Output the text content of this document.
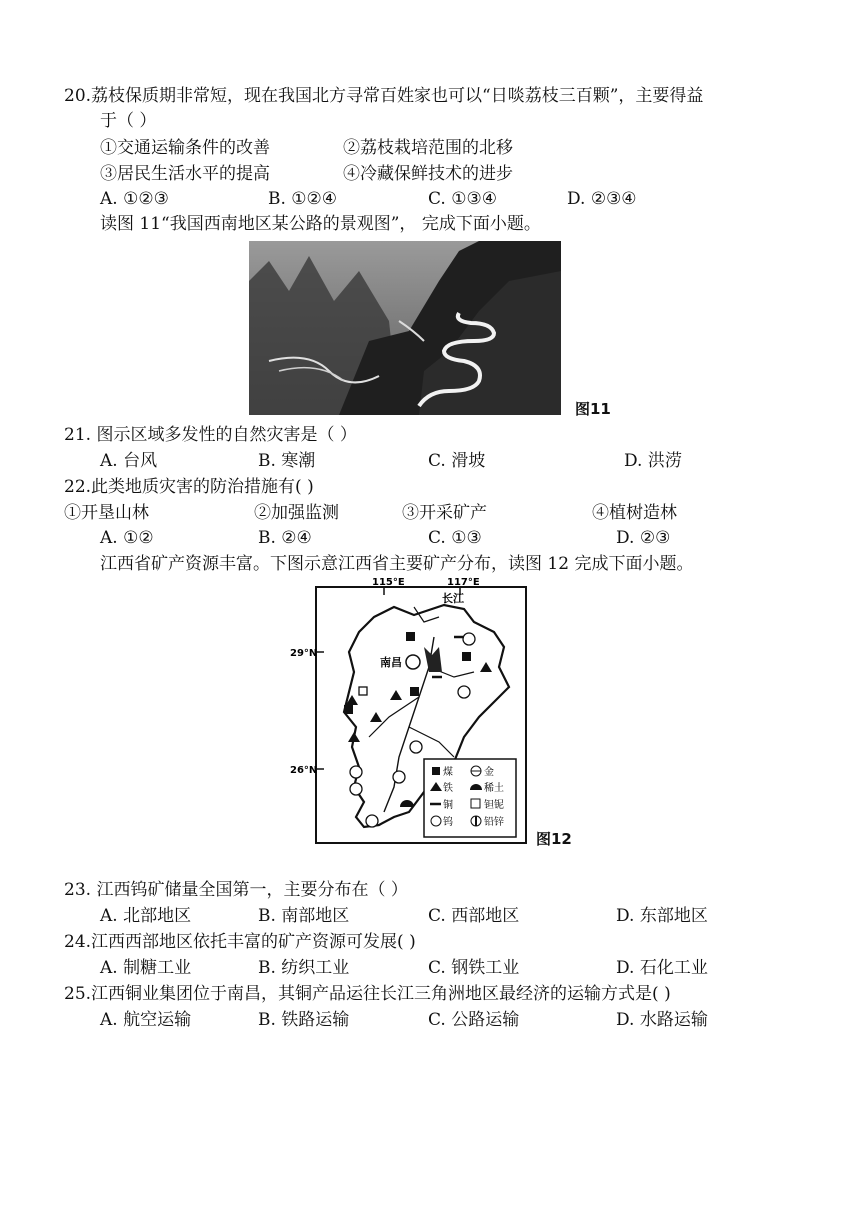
20.荔枝保质期非常短，现在我国北方寻常百姓家也可以“日啖荔枝三百颗”，主要得益
于（ ）
①交通运输条件的改善	②荔枝栽培范围的北移
③居民生活水平的提高	④冷藏保鲜技术的进步
A. ①②③	B. ①②④	C. ①③④	D. ②③④
读图 11“我国西南地区某公路的景观图”， 完成下面小题。
图11
21. 图示区域多发性的自然灾害是（ ）
A. 台风	B. 寒潮	C. 滑坡	D. 洪涝
22.此类地质灾害的防治措施有( )
①开垦山林	②加强监测	③开采矿产	④植树造林
A. ①②	B. ②④	C. ①③	D. ②③
江西省矿产资源丰富。下图示意江西省主要矿产分布，读图 12 完成下面小题。
115°E	117°E
29°N
26°N
长江
南昌
煤	金
铁	稀土
铜	钽铌
钨	铅锌
图12
23. 江西钨矿储量全国第一，主要分布在（ ）
A. 北部地区	B. 南部地区	C. 西部地区	D. 东部地区
24.江西西部地区依托丰富的矿产资源可发展( )
A. 制糖工业	B. 纺织工业	C. 钢铁工业	D. 石化工业
25.江西铜业集团位于南昌，其铜产品运往长江三角洲地区最经济的运输方式是( )
A. 航空运输	B. 铁路运输	C. 公路运输	D. 水路运输
